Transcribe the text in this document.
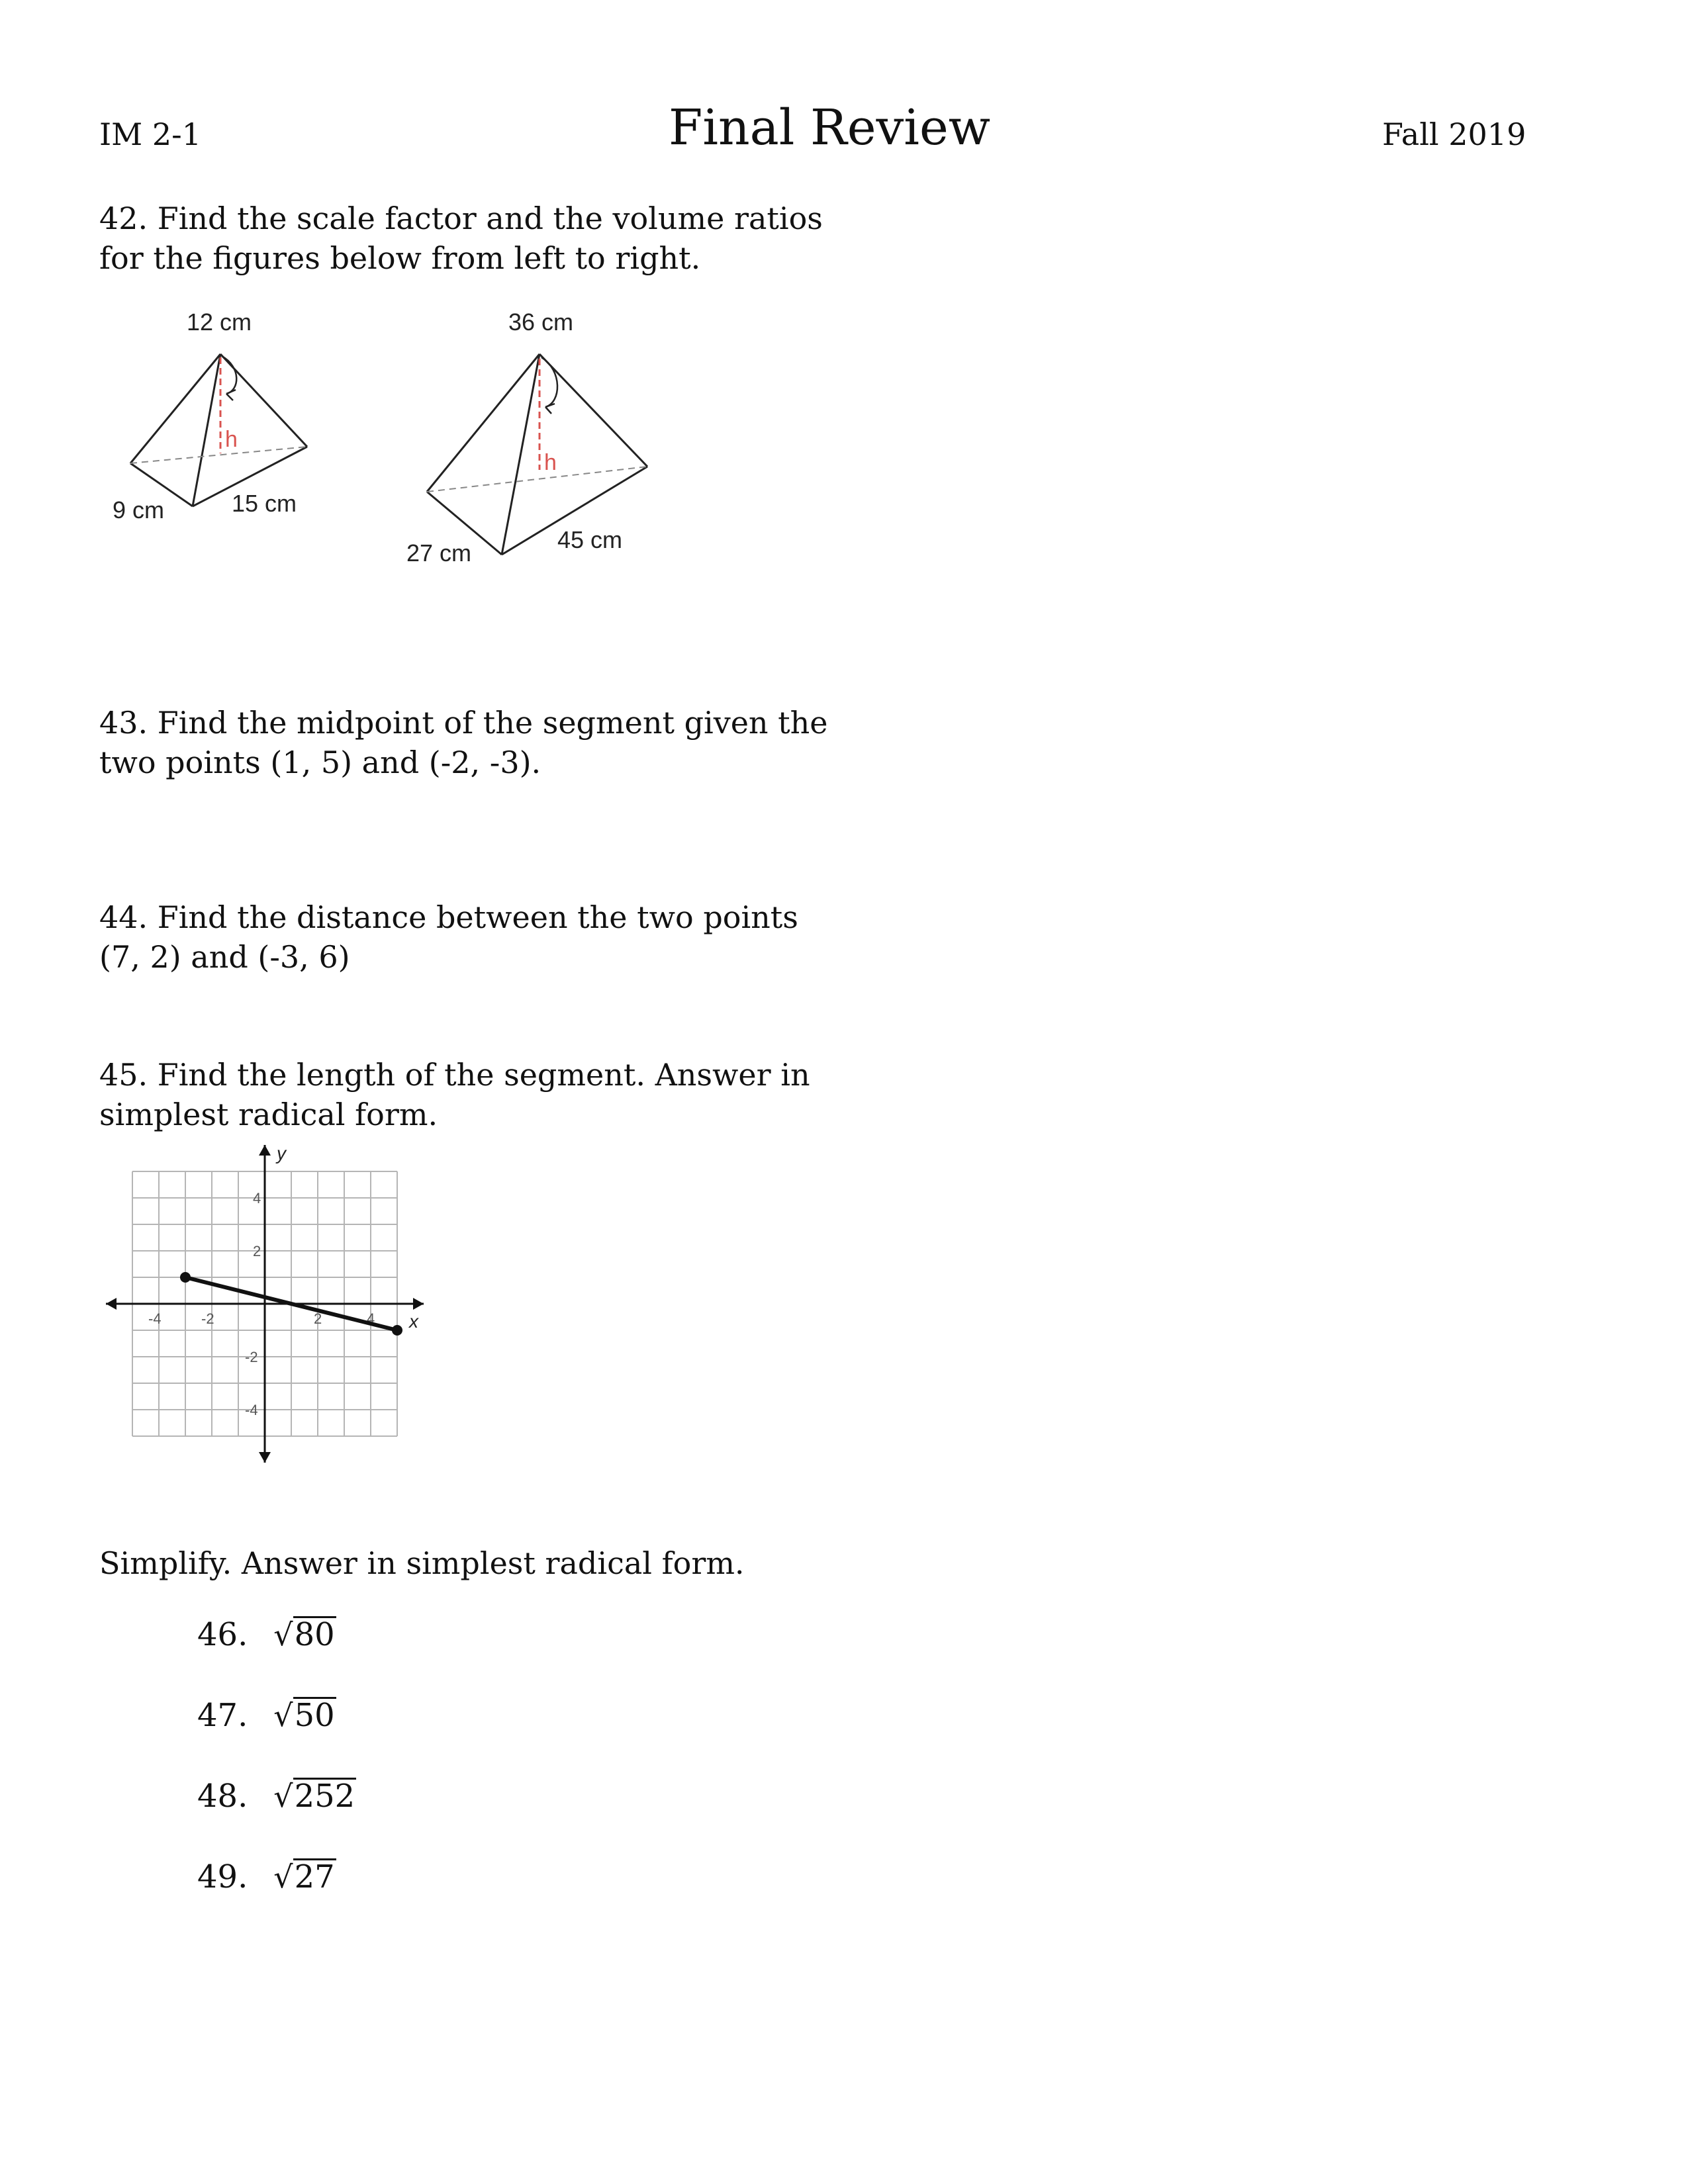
IM 2-1	Final Review	Fall 2019
42. Find the scale factor and the volume ratios
for the figures below from left to right.
h
12 cm
9 cm	15 cm
h
36 cm
27 cm	45 cm
43. Find the midpoint of the segment given the
two points (1, 5) and (-2, -3).
44. Find the distance between the two points
(7, 2) and (-3, 6)
45. Find the length of the segment. Answer in
simplest radical form.
x
y
-4	-2	2	4
4
2
-2
-4
Simplify. Answer in simplest radical form.
46. √80
47. √50
48. √252
49. √27
